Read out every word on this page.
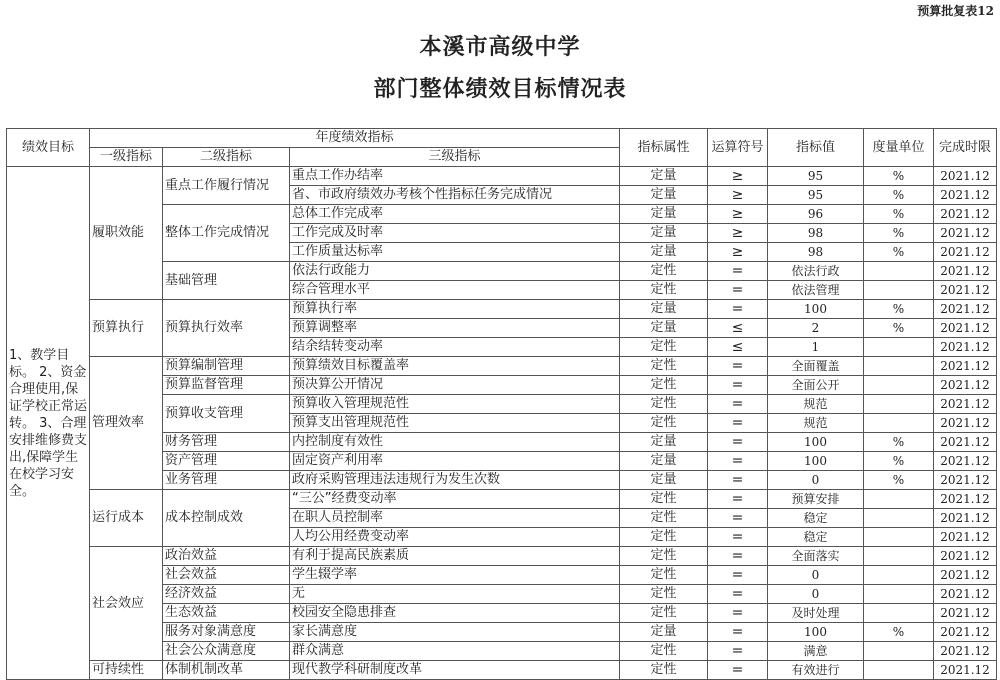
预算批复表12
本溪市高级中学
部门整体绩效目标情况表
绩效目标	年度绩效指标			指标属性	运算符号	指标值	度量单位	完成时限
	一级指标	二级指标	三级指标					
1、教学目标。 2、资金合理使用,保证学校正常运转。 3、合理安排维修费支出,保障学生在校学习安全。	履职效能	重点工作履行情况	重点工作办结率	定量	≥	95	%	2021.12
			省、市政府绩效办考核个性指标任务完成情况	定量	≥	95	%	2021.12
		整体工作完成情况	总体工作完成率	定量	≥	96	%	2021.12
			工作完成及时率	定量	≥	98	%	2021.12
			工作质量达标率	定量	≥	98	%	2021.12
		基础管理	依法行政能力	定性	=	依法行政		2021.12
			综合管理水平	定性	=	依法管理		2021.12
	预算执行	预算执行效率	预算执行率	定量	=	100	%	2021.12
			预算调整率	定量	≤	2	%	2021.12
			结余结转变动率	定性	≤	1		2021.12
	管理效率	预算编制管理	预算绩效目标覆盖率	定性	=	全面覆盖		2021.12
		预算监督管理	预决算公开情况	定性	=	全面公开		2021.12
		预算收支管理	预算收入管理规范性	定性	=	规范		2021.12
			预算支出管理规范性	定性	=	规范		2021.12
		财务管理	内控制度有效性	定量	=	100	%	2021.12
		资产管理	固定资产利用率	定量	=	100	%	2021.12
		业务管理	政府采购管理违法违规行为发生次数	定量	=	0	%	2021.12
	运行成本	成本控制成效	“三公”经费变动率	定性	=	预算安排		2021.12
			在职人员控制率	定性	=	稳定		2021.12
			人均公用经费变动率	定性	=	稳定		2021.12
	社会效应	政治效益	有利于提高民族素质	定性	=	全面落实		2021.12
		社会效益	学生辍学率	定性	=	0		2021.12
		经济效益	无	定性	=	0		2021.12
		生态效益	校园安全隐患排查	定性	=	及时处理		2021.12
		服务对象满意度	家长满意度	定量	=	100	%	2021.12
		社会公众满意度	群众满意	定性	=	满意		2021.12
	可持续性	体制机制改革	现代教学科研制度改革	定性	=	有效进行		2021.12
